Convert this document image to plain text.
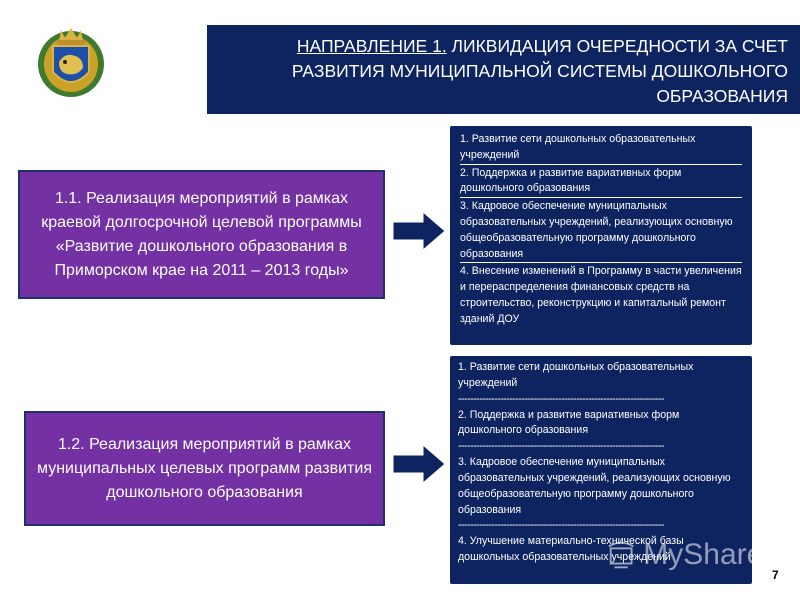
НАПРАВЛЕНИЕ 1. ЛИКВИДАЦИЯ ОЧЕРЕДНОСТИ ЗА СЧЕТ РАЗВИТИЯ МУНИЦИПАЛЬНОЙ СИСТЕМЫ ДОШКОЛЬНОГО ОБРАЗОВАНИЯ
1.1. Реализация мероприятий в рамках краевой долгосрочной целевой программы «Развитие дошкольного образования в Приморском крае на 2011 – 2013 годы»
1. Развитие сети дошкольных образовательных учреждений
2. Поддержка и развитие вариативных форм дошкольного образования
3. Кадровое обеспечение муниципальных образовательных учреждений, реализующих основную общеобразовательную программу дошкольного образования
4. Внесение изменений в Программу в части увеличения и перераспределения финансовых средств на строительство, реконструкцию и капитальный ремонт зданий ДОУ
1.2. Реализация мероприятий в рамках муниципальных целевых программ развития дошкольного образования
1. Развитие сети дошкольных образовательных учреждений
--------------------------------------------------------------------
2. Поддержка и развитие вариативных форм дошкольного образования
--------------------------------------------------------------------
3. Кадровое обеспечение муниципальных образовательных учреждений, реализующих основную общеобразовательную программу дошкольного образования
--------------------------------------------------------------------
4. Улучшение материально-технической базы дошкольных образовательных учреждений
MyShared
7
